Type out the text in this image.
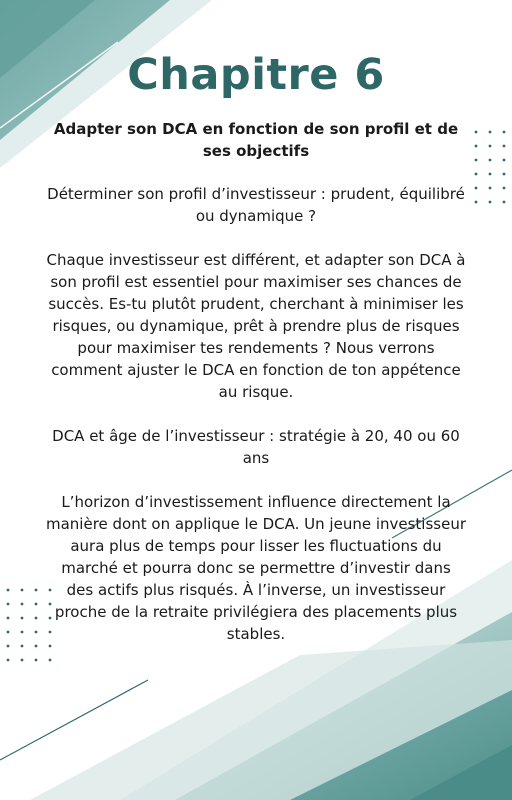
Chapitre 6
Adapter son DCA en fonction de son profil et de ses objectifs
Déterminer son profil d’investisseur : prudent, équilibré ou dynamique ?
Chaque investisseur est différent, et adapter son DCA à son profil est essentiel pour maximiser ses chances de succès. Es-tu plutôt prudent, cherchant à minimiser les risques, ou dynamique, prêt à prendre plus de risques pour maximiser tes rendements ? Nous verrons comment ajuster le DCA en fonction de ton appétence au risque.
DCA et âge de l’investisseur : stratégie à 20, 40 ou 60 ans
L’horizon d’investissement influence directement la manière dont on applique le DCA. Un jeune investisseur aura plus de temps pour lisser les fluctuations du marché et pourra donc se permettre d’investir dans des actifs plus risqués. À l’inverse, un investisseur proche de la retraite privilégiera des placements plus stables.
